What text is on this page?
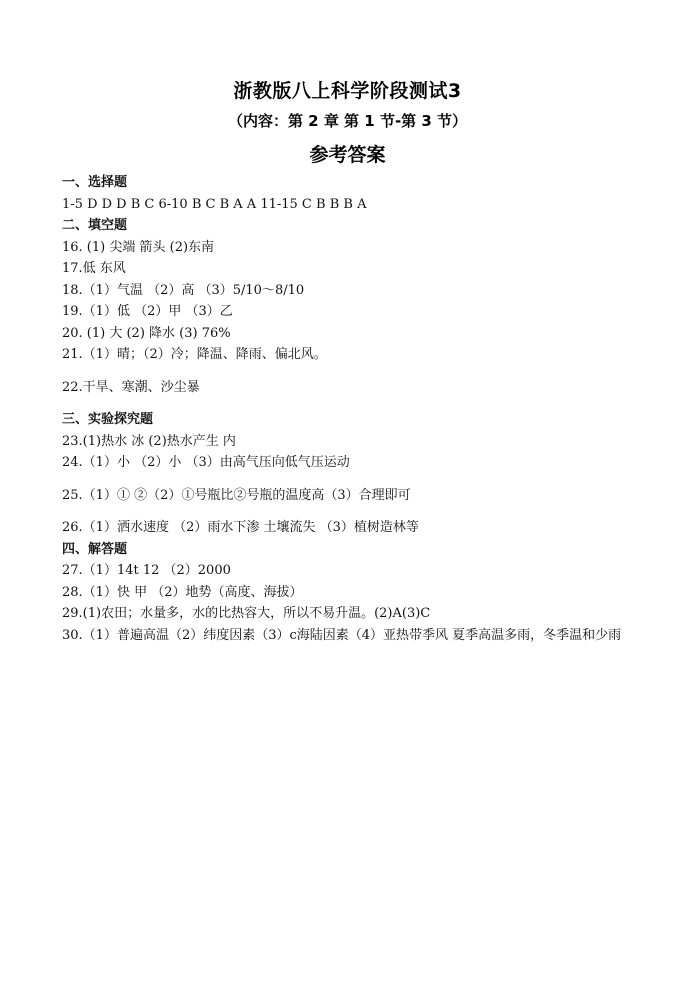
浙教版八上科学阶段测试3
（内容：第 2 章 第 1 节-第 3 节）
参考答案
一、选择题
1-5 D D D B C 6-10 B C B A A 11-15 C B B B A
二、填空题
16. (1) 尖端 箭头 (2)东南
17.低 东风
18.（1）气温 （2）高 （3）5/10～8/10
19.（1）低 （2）甲 （3）乙
20. (1) 大 (2) 降水 (3) 76%
21.（1）晴；（2）冷；降温、降雨、偏北风。
22.干旱、寒潮、沙尘暴
三、实验探究题
23.(1)热水 冰 (2)热水产生 内
24.（1）小 （2）小 （3）由高气压向低气压运动
25.（1）① ②（2）①号瓶比②号瓶的温度高（3）合理即可
26.（1）洒水速度 （2）雨水下渗 土壤流失 （3）植树造林等
四、解答题
27.（1）14t 12 （2）2000
28.（1）快 甲 （2）地势（高度、海拔）
29.(1)农田；水量多，水的比热容大，所以不易升温。(2)A(3)C
30.（1）普遍高温（2）纬度因素（3）c海陆因素（4）亚热带季风 夏季高温多雨，冬季温和少雨
